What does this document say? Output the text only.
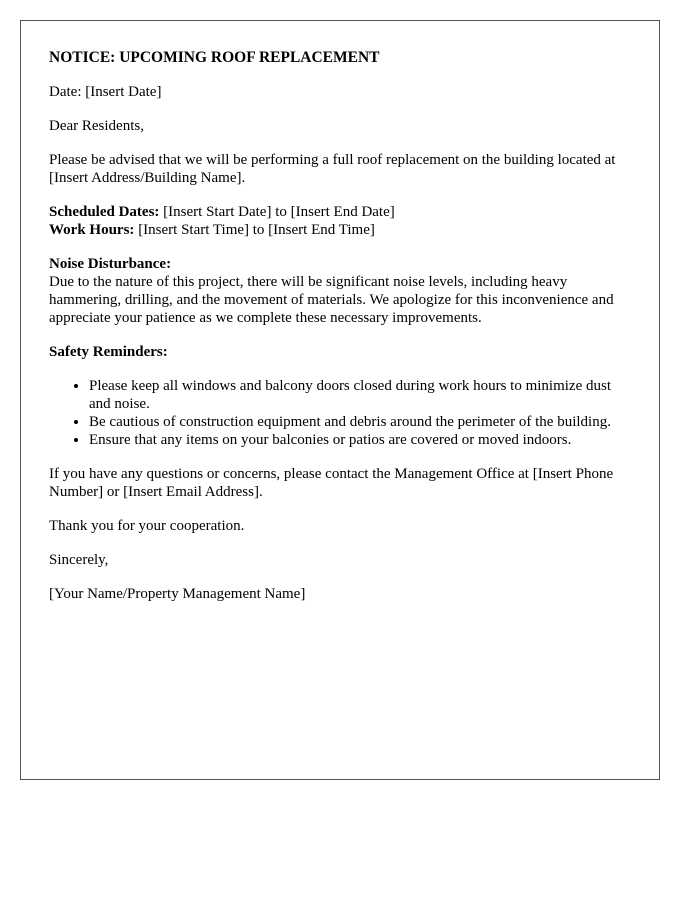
NOTICE: UPCOMING ROOF REPLACEMENT

Date: [Insert Date]

Dear Residents,

Please be advised that we will be performing a full roof replacement on the building located at [Insert Address/Building Name].

Scheduled Dates: [Insert Start Date] to [Insert End Date]
Work Hours: [Insert Start Time] to [Insert End Time]
Noise Disturbance:
Due to the nature of this project, there will be significant noise levels, including heavy hammering, drilling, and the movement of materials. We apologize for this inconvenience and appreciate your patience as we complete these necessary improvements.

Safety Reminders:

• Please keep all windows and balcony doors closed during work hours to minimize dust and noise.
• Be cautious of construction equipment and debris around the perimeter of the building.
• Ensure that any items on your balconies or patios are covered or moved indoors.

If you have any questions or concerns, please contact the Management Office at [Insert Phone Number] or [Insert Email Address].

Thank you for your cooperation.

Sincerely,

[Your Name/Property Management Name]
